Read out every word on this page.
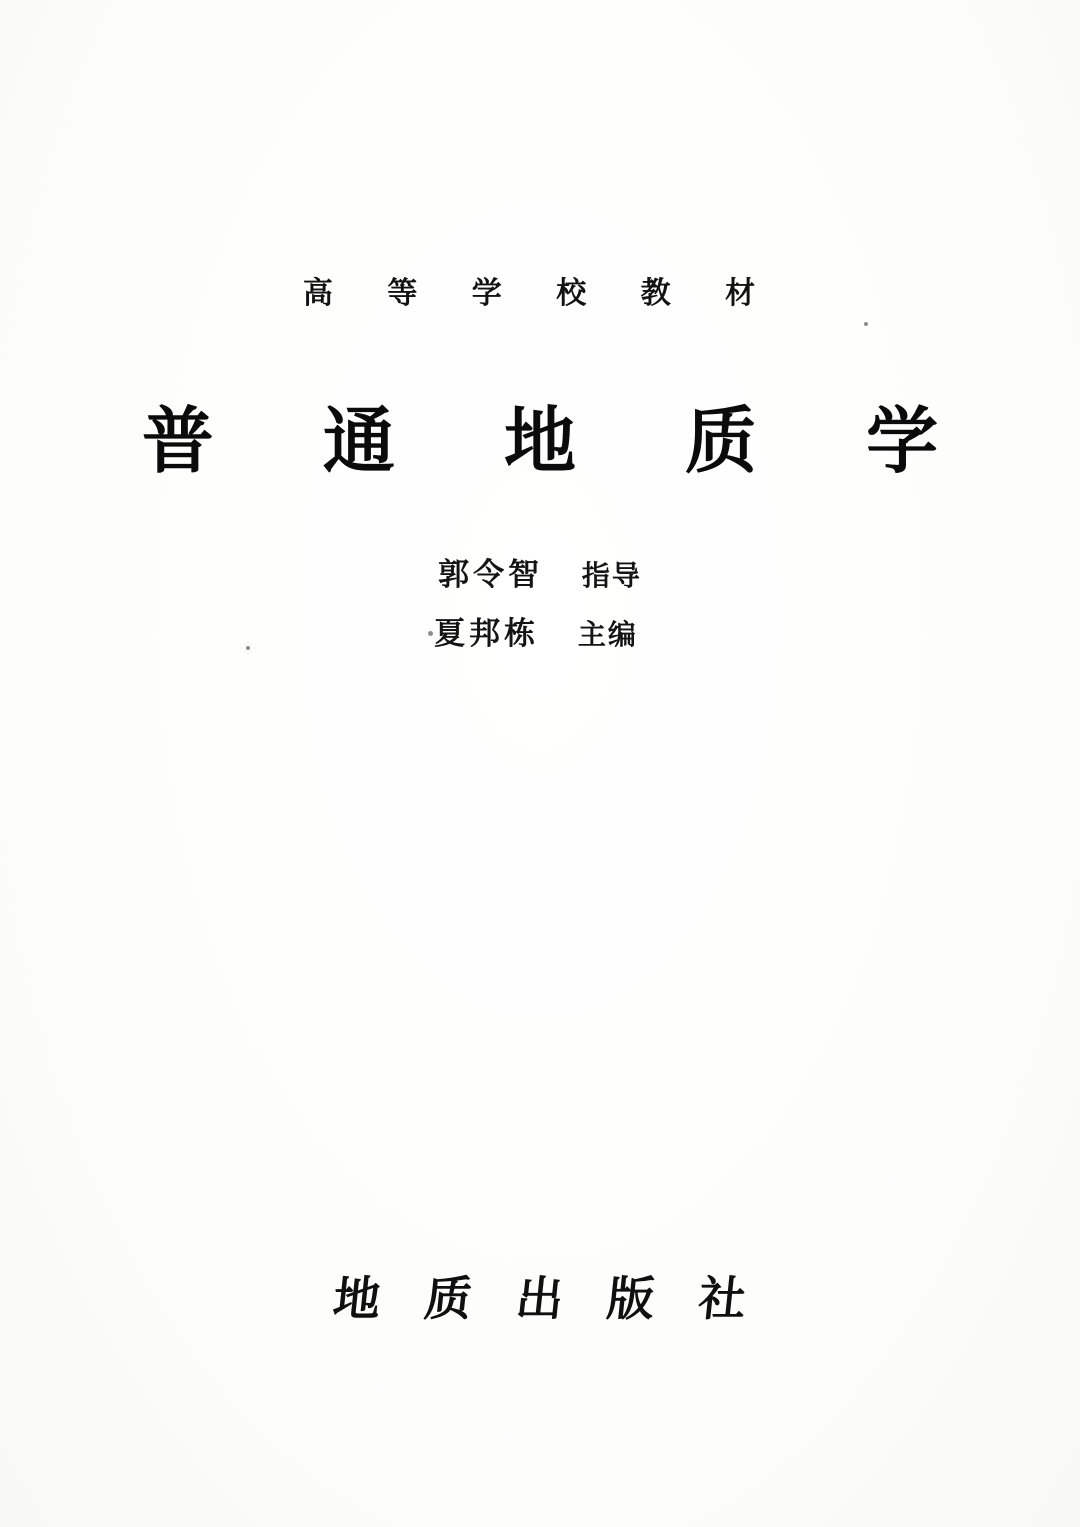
高 等 学 校 教 材
普 通 地 质 学
郭令智 指导
夏邦栋 主编
地 质 出 版 社
